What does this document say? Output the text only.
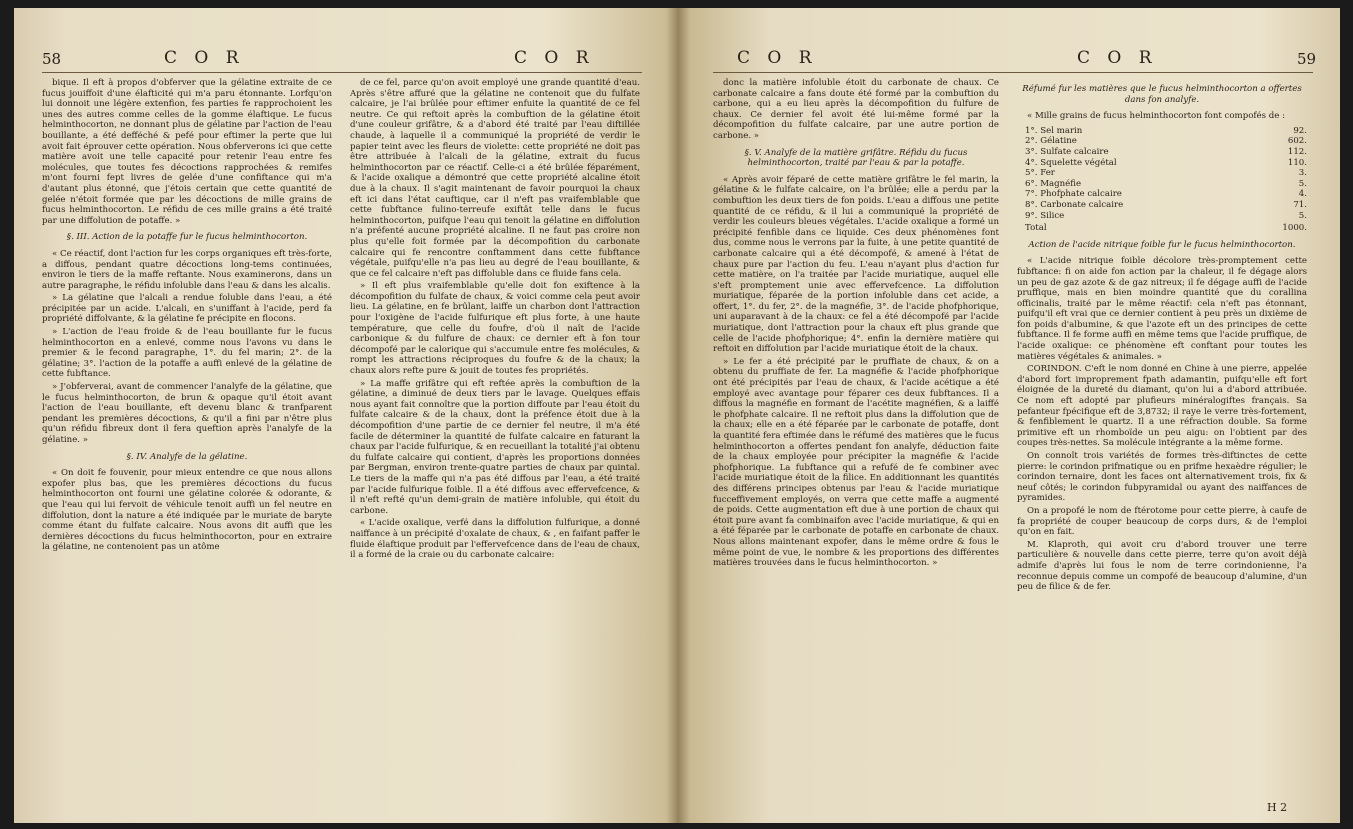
58	C O R	C O R

bique. Il eft à propos d'obferver que la gélatine extraite de ce fucus jouiffoit d'une élafticité qui m'a paru étonnante. Lorfqu'on lui donnoit une légère extenfion, fes parties fe rapprochoient les unes des autres comme celles de la gomme élaftique. Le fucus helminthocorton, ne donnant plus de gélatine par l'action de l'eau bouillante, a été defféché & pefé pour eftimer la perte que lui avoit fait éprouver cette opération. Nous obferverons ici que cette matière avoit une telle capacité pour retenir l'eau entre fes molécules, que toutes fes décoctions rapprochées & remifes m'ont fourni fept livres de gelée d'une confiftance qui m'a d'autant plus étonné, que j'étois certain que cette quantité de gelée n'étoit formée que par les décoctions de mille grains de fucus helminthocorton. Le réfidu de ces mille grains a été traité par une diffolution de potaffe. »

§. III. Action de la potaffe fur le fucus helminthocorton.

« Ce réactif, dont l'action fur les corps organiques eft très-forte, a diffous, pendant quatre décoctions long-tems continuées, environ le tiers de la maffe reftante. Nous examinerons, dans un autre paragraphe, le réfidu infoluble dans l'eau & dans les alcalis.

» La gélatine que l'alcali a rendue foluble dans l'eau, a été précipitée par un acide. L'alcali, en s'uniffant à l'acide, perd fa propriété diffolvante, & la gélatine fe précipite en flocons.

» L'action de l'eau froide & de l'eau bouillante fur le fucus helminthocorton en a enlevé, comme nous l'avons vu dans le premier & le fecond paragraphe, 1°. du fel marin; 2°. de la gélatine; 3°. l'action de la potaffe a auffi enlevé de la gélatine de cette fubftance.

» J'obferverai, avant de commencer l'analyfe de la gélatine, que le fucus helminthocorton, de brun & opaque qu'il étoit avant l'action de l'eau bouillante, eft devenu blanc & tranfparent pendant les premières décoctions, & qu'il a fini par n'être plus qu'un réfidu fibreux dont il fera queftion après l'analyfe de la gélatine. »

§. IV. Analyfe de la gélatine.

« On doit fe fouvenir, pour mieux entendre ce que nous allons expofer plus bas, que les premières décoctions du fucus helminthocorton ont fourni une gélatine colorée & odorante, & que l'eau qui lui fervoit de véhicule tenoit auffi un fel neutre en diffolution, dont la nature a été indiquée par le muriate de baryte comme étant du fulfate calcaire. Nous avons dit auffi que les dernières décoctions du fucus helminthocorton, pour en extraire la gélatine, ne contenoient pas un atôme

de ce fel, parce qu'on avoit employé une grande quantité d'eau. Après s'être affuré que la gélatine ne contenoit que du fulfate calcaire, je l'ai brûlée pour eftimer enfuite la quantité de ce fel neutre. Ce qui reftoit après la combuftion de la gélatine étoit d'une couleur grifâtre, & a d'abord été traité par l'eau diftillée chaude, à laquelle il a communiqué la propriété de verdir le papier teint avec les fleurs de violette: cette propriété ne doit pas être attribuée à l'alcali de la gélatine, extrait du fucus helminthocorton par ce réactif. Celle-ci a été brûlée féparément, & l'acide oxalique a démontré que cette propriété alcaline étoit due à la chaux. Il s'agit maintenant de favoir pourquoi la chaux eft ici dans l'état cauftique, car il n'eft pas vraifemblable que cette fubftance fulino-terreufe exiftât telle dans le fucus helminthocorton, puifque l'eau qui tenoit la gélatine en diffolution n'a préfenté aucune propriété alcaline. Il ne faut pas croire non plus qu'elle foit formée par la décompofition du carbonate calcaire qui fe rencontre conftamment dans cette fubftance végétale, puifqu'elle n'a pas lieu au degré de l'eau bouillante, & que ce fel calcaire n'eft pas diffoluble dans ce fluide fans cela.

» Il eft plus vraifemblable qu'elle doit fon exiftence à la décompofition du fulfate de chaux, & voici comme cela peut avoir lieu. La gélatine, en fe brûlant, laiffe un charbon dont l'attraction pour l'oxigène de l'acide fulfurique eft plus forte, à une haute température, que celle du foufre, d'où il naît de l'acide carbonique & du fulfure de chaux: ce dernier eft à fon tour décompofé par le calorique qui s'accumule entre fes molécules, & rompt les attractions réciproques du foufre & de la chaux; la chaux alors refte pure & jouit de toutes fes propriétés.

» La maffe grifâtre qui eft reftée après la combuftion de la gélatine, a diminué de deux tiers par le lavage. Quelques effais nous ayant fait connoître que la portion diffoute par l'eau étoit du fulfate calcaire & de la chaux, dont la préfence étoit due à la décompofition d'une partie de ce dernier fel neutre, il m'a été facile de déterminer la quantité de fulfate calcaire en faturant la chaux par l'acide fulfurique, & en recueillant la totalité j'ai obtenu du fulfate calcaire qui contient, d'après les proportions données par Bergman, environ trente-quatre parties de chaux par quintal. Le tiers de la maffe qui n'a pas été diffous par l'eau, a été traité par l'acide fulfurique foible. Il a été diffous avec effervefcence, & il n'eft refté qu'un demi-grain de matière infoluble, qui étoit du carbone.

« L'acide oxalique, verfé dans la diffolution fulfurique, a donné naiffance à un précipité d'oxalate de chaux, & , en faifant paffer le fluide élaftique produit par l'effervefcence dans de l'eau de chaux, il a formé de la craie ou du carbonate calcaire:

C O R	C O R	59

donc la matière infoluble étoit du carbonate de chaux. Ce carbonate calcaire a fans doute été formé par la combuftion du carbone, qui a eu lieu après la décompofition du fulfure de chaux. Ce dernier fel avoit été lui-même formé par la décompofition du fulfate calcaire, par une autre portion de carbone. »

§. V. Analyfe de la matière grifâtre. Réfidu du fucus helminthocorton, traité par l'eau & par la potaffe.

« Après avoir féparé de cette matière grifâtre le fel marin, la gélatine & le fulfate calcaire, on l'a brûlée; elle a perdu par la combuftion les deux tiers de fon poids. L'eau a diffous une petite quantité de ce réfidu, & il lui a communiqué la propriété de verdir les couleurs bleues végétales. L'acide oxalique a formé un précipité fenfible dans ce liquide. Ces deux phénomènes font dus, comme nous le verrons par la fuite, à une petite quantité de carbonate calcaire qui a été décompofé, & amené à l'état de chaux pure par l'action du feu. L'eau n'ayant plus d'action fur cette matière, on l'a traitée par l'acide muriatique, auquel elle s'eft promptement unie avec effervefcence. La diffolution muriatique, féparée de la portion infoluble dans cet acide, a offert, 1°. du fer, 2°. de la magnéfie, 3°. de l'acide phofphorique, uni auparavant à de la chaux: ce fel a été décompofé par l'acide muriatique, dont l'attraction pour la chaux eft plus grande que celle de l'acide phofphorique; 4°. enfin la dernière matière qui reftoit en diffolution par l'acide muriatique étoit de la chaux.

» Le fer a été précipité par le pruffiate de chaux, & on a obtenu du pruffiate de fer. La magnéfie & l'acide phofphorique ont été précipités par l'eau de chaux, & l'acide acétique a été employé avec avantage pour féparer ces deux fubftances. Il a diffous la magnéfie en formant de l'acétite magnéfien, & a laiffé le phofphate calcaire. Il ne reftoit plus dans la diffolution que de la chaux; elle en a été féparée par le carbonate de potaffe, dont la quantité fera eftimée dans le réfumé des matières que le fucus helminthocorton a offertes pendant fon analyfe, déduction faite de la chaux employée pour précipiter la magnéfie & l'acide phofphorique. La fubftance qui a refufé de fe combiner avec l'acide muriatique étoit de la filice. En additionnant les quantités des différens principes obtenus par l'eau & l'acide muriatique fucceffivement employés, on verra que cette maffe a augmenté de poids. Cette augmentation eft due à une portion de chaux qui étoit pure avant fa combinaifon avec l'acide muriatique, & qui en a été féparée par le carbonate de potaffe en carbonate de chaux. Nous allons maintenant expofer, dans le même ordre & fous le même point de vue, le nombre & les proportions des différentes matières trouvées dans le fucus helminthocorton. »

Réfumé fur les matières que le fucus helminthocorton a offertes dans fon analyfe.

« Mille grains de fucus helminthocorton font compofés de :

1°. Sel marin	92.
2°. Gélatine	602.
3°. Sulfate calcaire	112.
4°. Squelette végétal	110.
5°. Fer	3.
6°. Magnéfie	5.
7°. Phofphate calcaire	4.
8°. Carbonate calcaire	71.
9°. Silice	5.
Total	1000.

Action de l'acide nitrique foible fur le fucus helminthocorton.

« L'acide nitrique foible décolore très-promptement cette fubftance: fi on aide fon action par la chaleur, il fe dégage alors un peu de gaz azote & de gaz nitreux; il fe dégage auffi de l'acide pruffique, mais en bien moindre quantité que du corallina officinalis, traité par le même réactif: cela n'eft pas étonnant, puifqu'il eft vrai que ce dernier contient à peu près un dixième de fon poids d'albumine, & que l'azote eft un des principes de cette fubftance. Il fe forme auffi en même tems que l'acide pruffique, de l'acide oxalique: ce phénomène eft conftant pour toutes les matières végétales & animales. »

CORINDON. C'eft le nom donné en Chine à une pierre, appelée d'abord fort improprement fpath adamantin, puifqu'elle eft fort éloignée de la dureté du diamant, qu'on lui a d'abord attribuée. Ce nom eft adopté par plufieurs minéralogiftes français. Sa pefanteur fpécifique eft de 3,8732; il raye le verre très-fortement, & fenfiblement le quartz. Il a une réfraction double. Sa forme primitive eft un rhomboïde un peu aigu: on l'obtient par des coupes très-nettes. Sa molécule intégrante a la même forme.

On connoît trois variétés de formes très-diftinctes de cette pierre: le corindon prifmatique ou en prifme hexaèdre régulier; le corindon ternaire, dont les faces ont alternativement trois, fix & neuf côtés; le corindon fubpyramidal ou ayant des naiffances de pyramides.

On a propofé le nom de ftérotome pour cette pierre, à caufe de fa propriété de couper beaucoup de corps durs, & de l'emploi qu'on en fait.

M. Klaproth, qui avoit cru d'abord trouver une terre particulière & nouvelle dans cette pierre, terre qu'on avoit déjà admife d'après lui fous le nom de terre corindonienne, l'a reconnue depuis comme un compofé de beaucoup d'alumine, d'un peu de filice & de fer.

H 2
